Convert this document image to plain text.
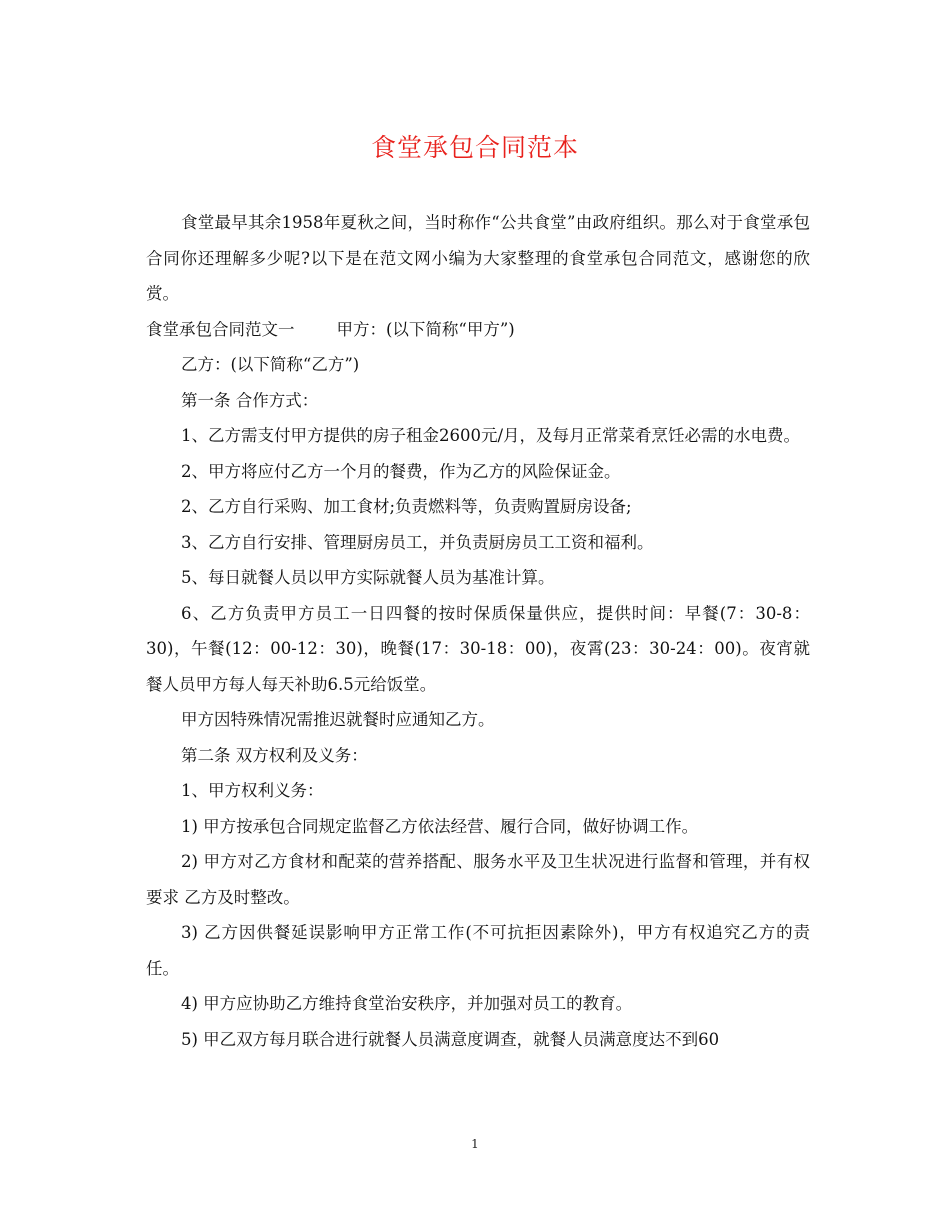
食堂承包合同范本

食堂最早其余1958年夏秋之间，当时称作“公共食堂”由政府组织。那么对于食堂承包合同你还理解多少呢?以下是在范文网小编为大家整理的食堂承包合同范文，感谢您的欣赏。

食堂承包合同范文一        甲方：(以下简称“甲方”)

乙方：(以下简称“乙方”)

第一条 合作方式：

1、乙方需支付甲方提供的房子租金2600元/月，及每月正常菜肴烹饪必需的水电费。

2、甲方将应付乙方一个月的餐费，作为乙方的风险保证金。

2、乙方自行采购、加工食材;负责燃料等，负责购置厨房设备;

3、乙方自行安排、管理厨房员工，并负责厨房员工工资和福利。

5、每日就餐人员以甲方实际就餐人员为基准计算。

6、乙方负责甲方员工一日四餐的按时保质保量供应，提供时间：早餐(7：30-8：30)，午餐(12：00-12：30)，晚餐(17：30-18：00)，夜霄(23：30-24：00)。夜宵就餐人员甲方每人每天补助6.5元给饭堂。

甲方因特殊情况需推迟就餐时应通知乙方。

第二条 双方权利及义务：

1、甲方权利义务：

1) 甲方按承包合同规定监督乙方依法经营、履行合同，做好协调工作。

2) 甲方对乙方食材和配菜的营养搭配、服务水平及卫生状况进行监督和管理，并有权要求 乙方及时整改。

3) 乙方因供餐延误影响甲方正常工作(不可抗拒因素除外)，甲方有权追究乙方的责任。

4) 甲方应协助乙方维持食堂治安秩序，并加强对员工的教育。

5) 甲乙双方每月联合进行就餐人员满意度调查，就餐人员满意度达不到60

1
